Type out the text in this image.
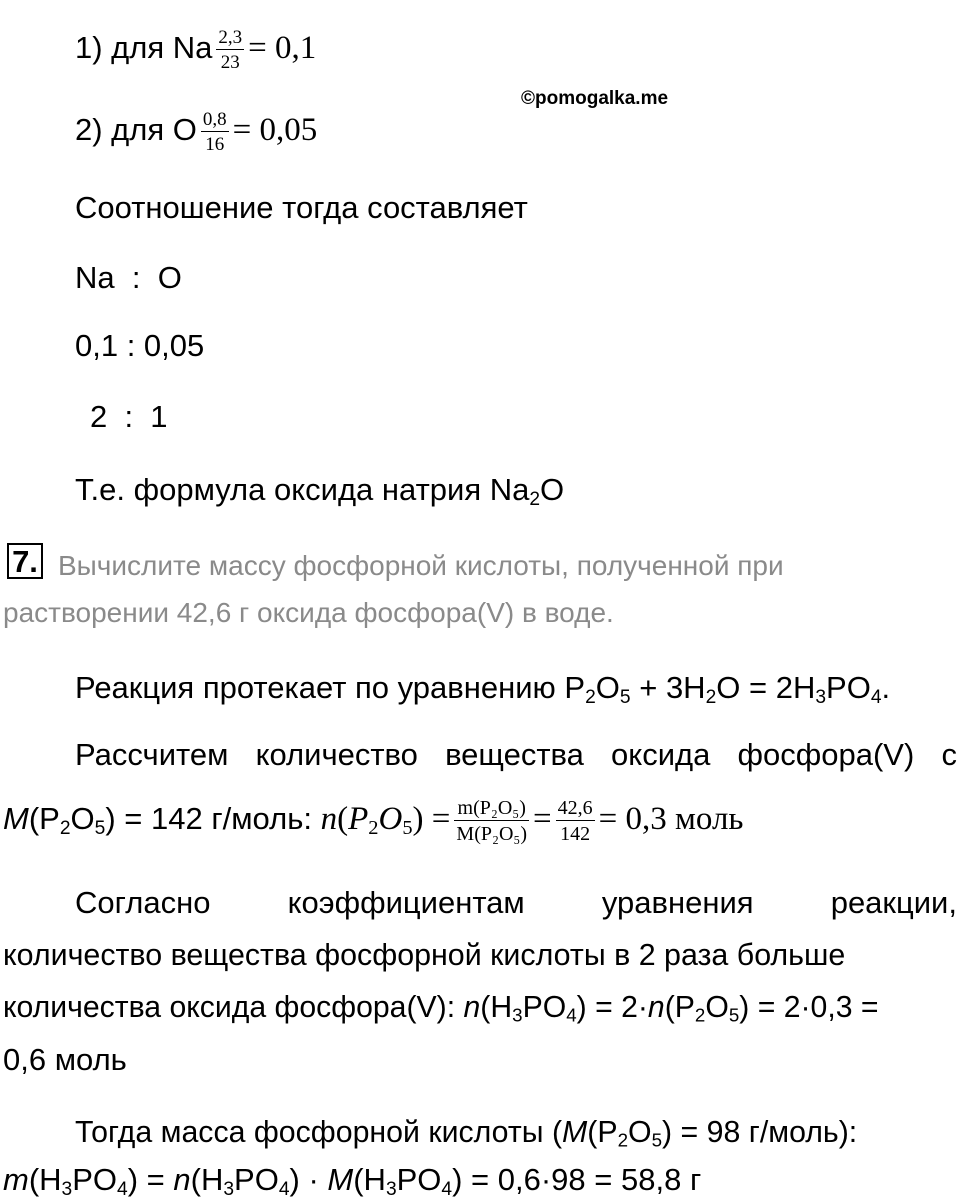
©pomogalka.me
1) для Na $\frac{2,3}{23} = 0,1$
2) для O $\frac{0,8}{16} = 0,05$
Соотношение тогда составляет
Na  :  O
0,1 : 0,05
2  :  1
Т.е. формула оксида натрия $Na_2O$
7. Вычислите массу фосфорной кислоты, полученной при
растворении 42,6 г оксида фосфора(V) в воде.
Реакция протекает по уравнению $P_2O_5 + 3H_2O = 2H_3PO_4$.
Рассчитем количество вещества оксида фосфора(V) с
$M(P_2O_5) = 142$ г/моль: $n(P_2O_5) = \frac{\text{m(P₂O₅)}}{\text{M(P₂O₅)}} = \frac{42,6}{142} = 0,3$ моль
Согласно коэффициентам уравнения реакции,
количество вещества фосфорной кислоты в 2 раза больше
количества оксида фосфора(V): $n(H_3PO_4) = 2\cdot n(P_2O_5) = 2\cdot 0,3$ =
0,6 моль
Тогда масса фосфорной кислоты ($M(P_2O_5) = 98$ г/моль):
$m(H_3PO_4) = n(H_3PO_4) \cdot M(H_3PO_4) = 0,6\cdot 98 = 58,8$ г
